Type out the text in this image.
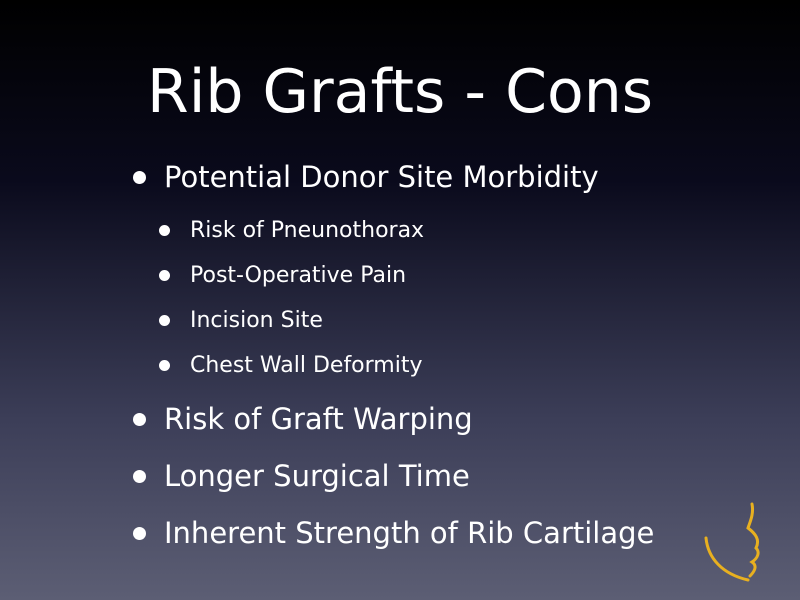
Rib Grafts - Cons
Potential Donor Site Morbidity
Risk of Pneunothorax
Post-Operative Pain
Incision Site
Chest Wall Deformity
Risk of Graft Warping
Longer Surgical Time
Inherent Strength of Rib Cartilage
